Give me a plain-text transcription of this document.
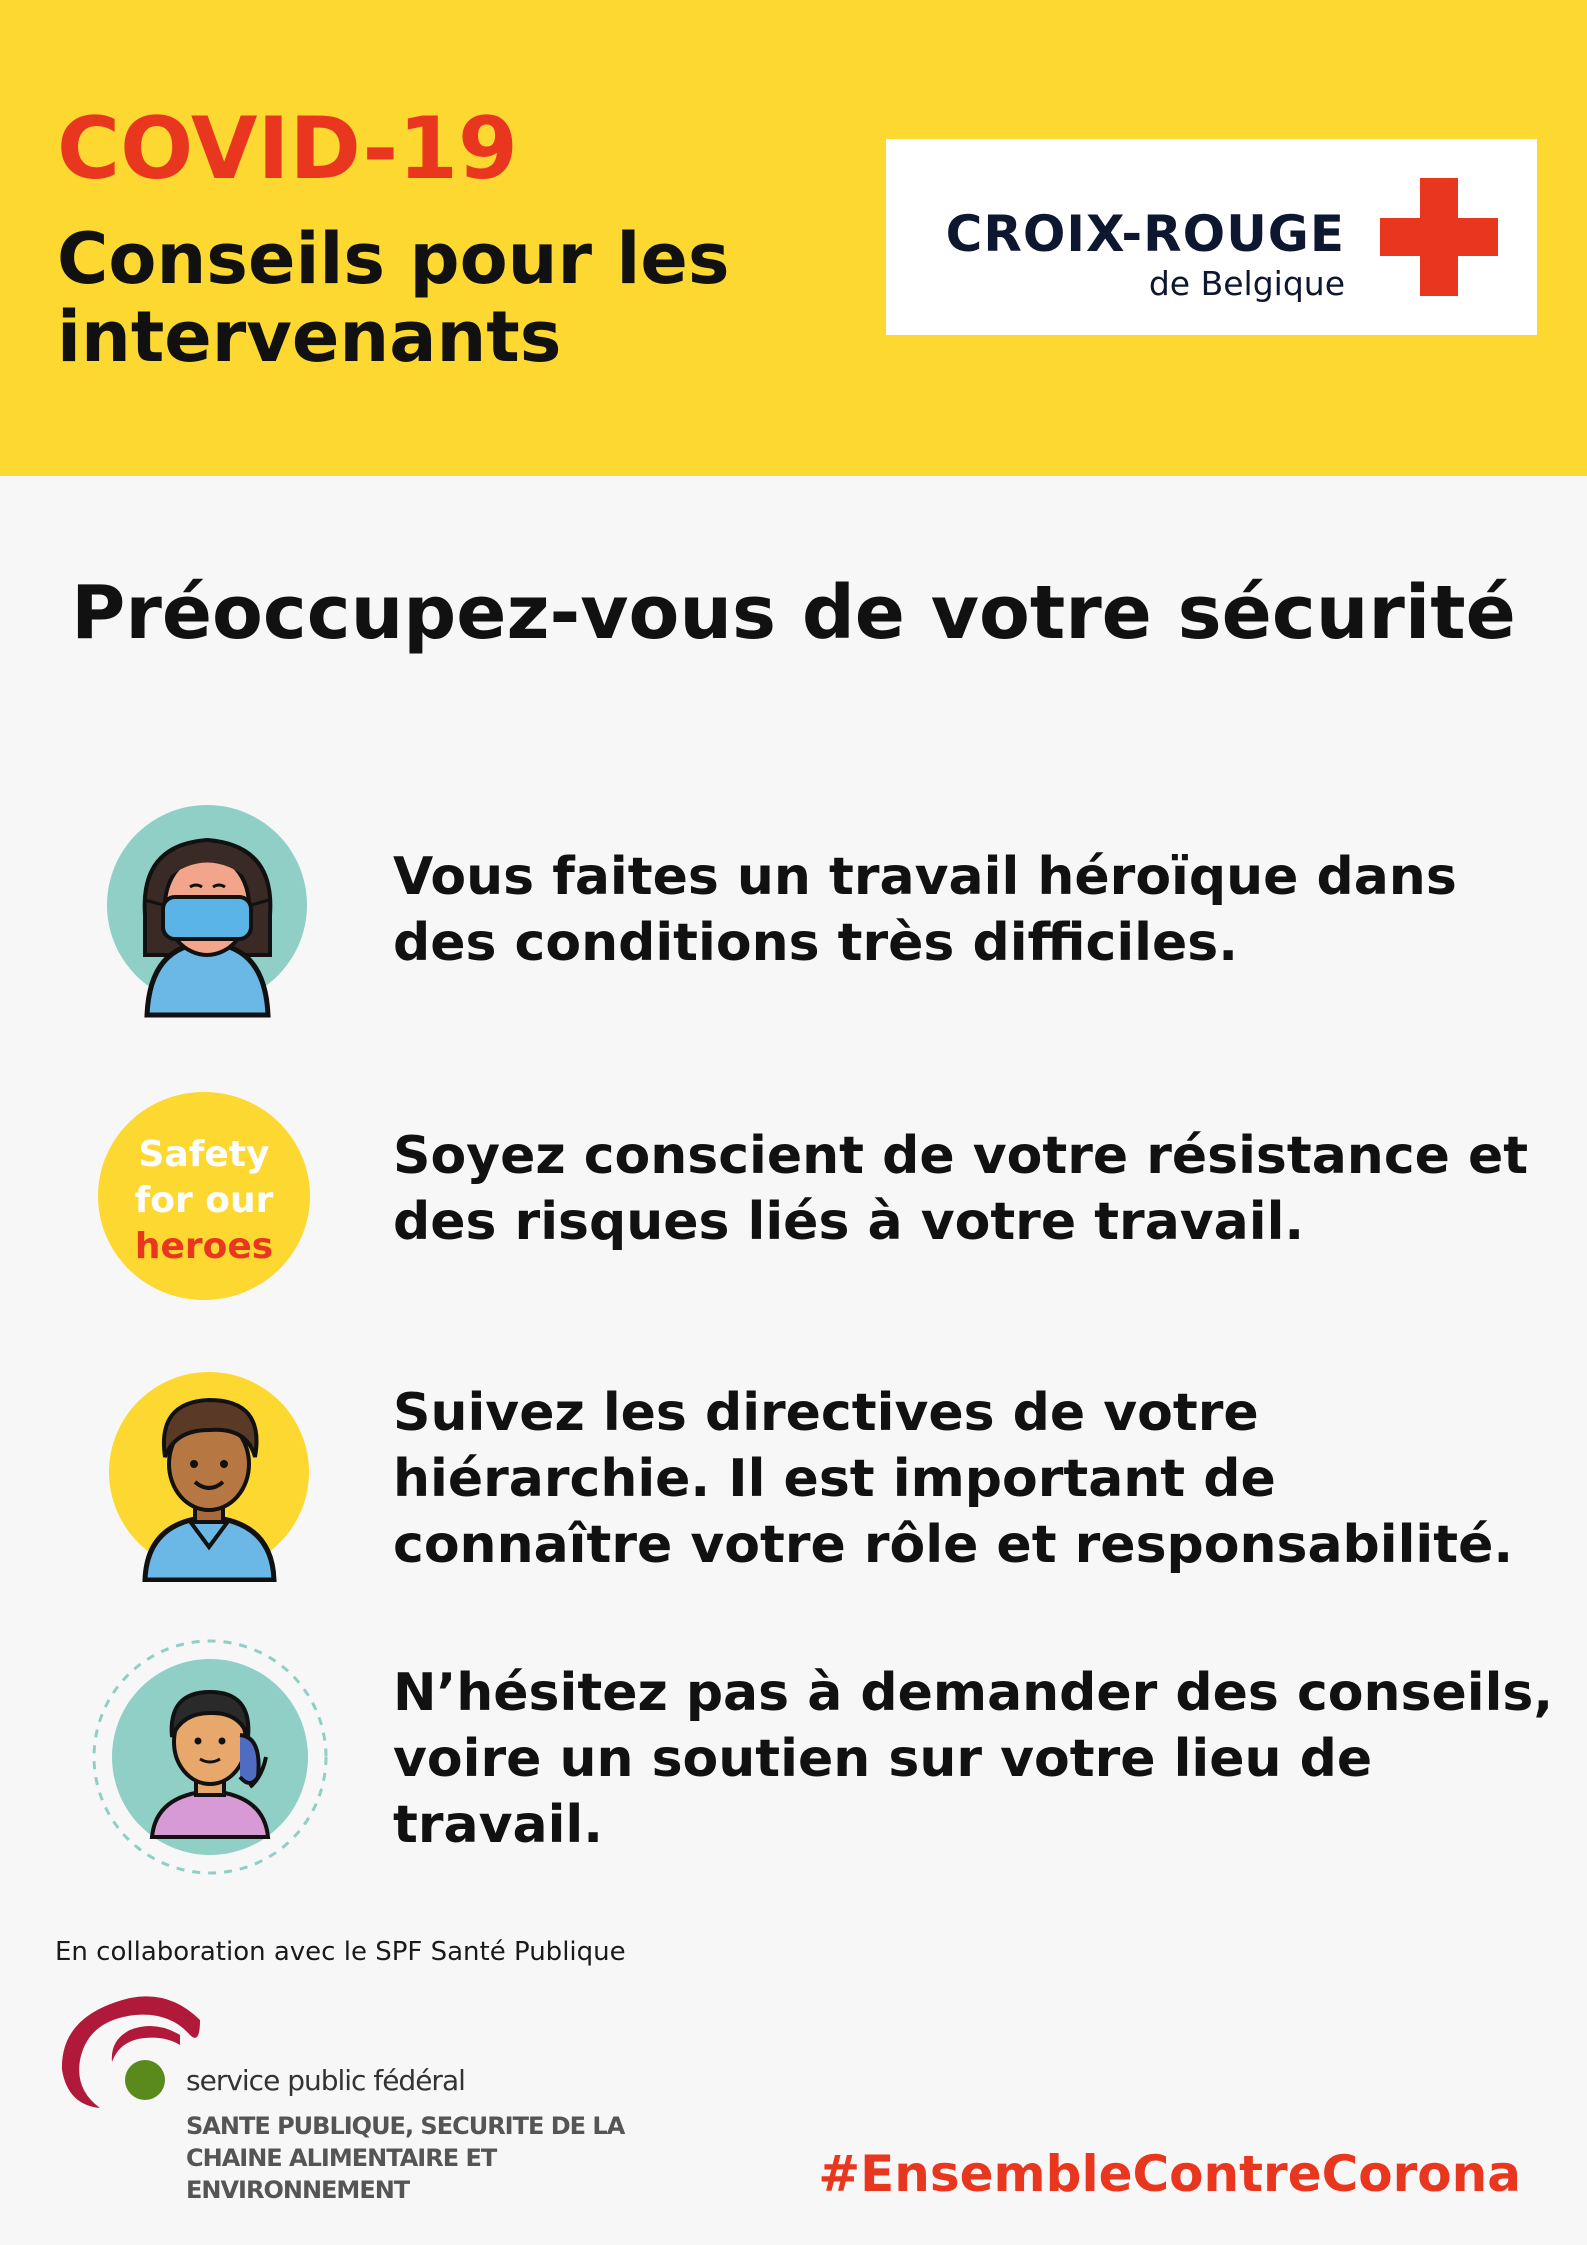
COVID-19
Conseils pour les intervenants
CROIX-ROUGE
de Belgique
Préoccupez-vous de votre sécurité
Vous faites un travail héroïque dans des conditions très difficiles.
Safety
for our
heroes
Soyez conscient de votre résistance et des risques liés à votre travail.
Suivez les directives de votre hiérarchie. Il est important de connaître votre rôle et responsabilité.
N’hésitez pas à demander des conseils, voire un soutien sur votre lieu de travail.
En collaboration avec le SPF Santé Publique
service public fédéral
SANTE PUBLIQUE, SECURITE DE LA CHAINE ALIMENTAIRE ET ENVIRONNEMENT	#EnsembleContreCorona
